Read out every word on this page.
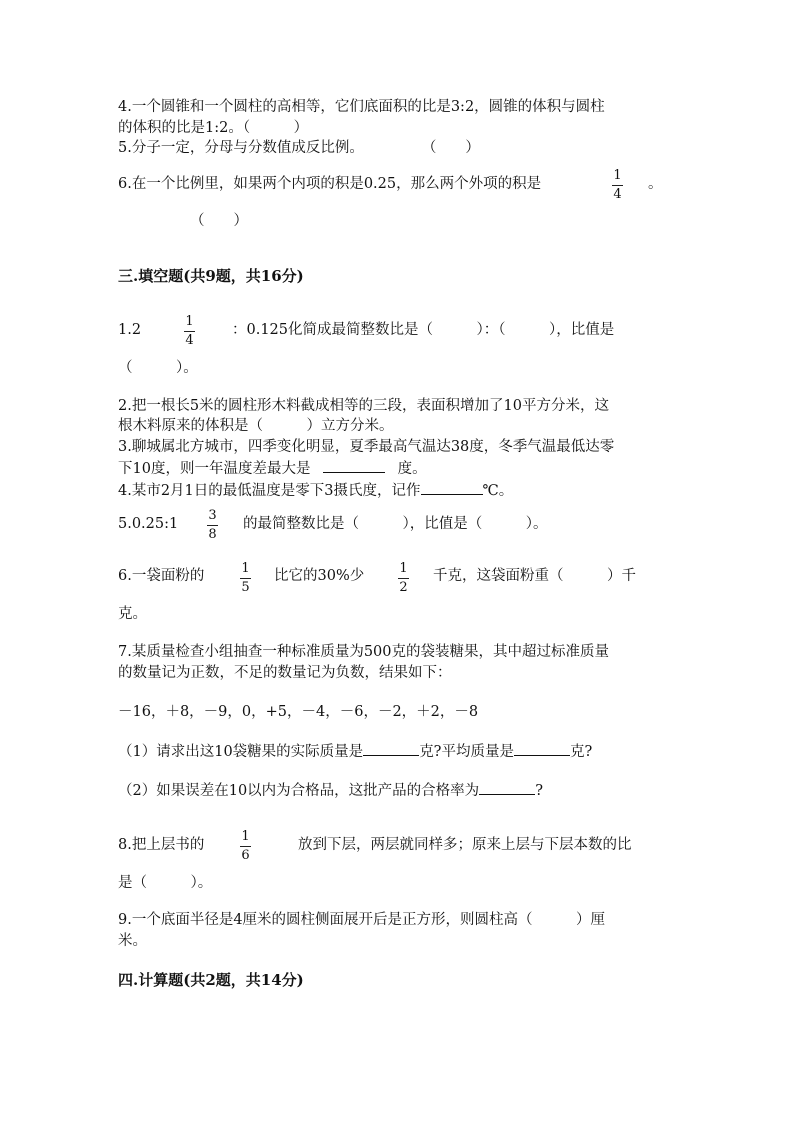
4.一个圆锥和一个圆柱的高相等，它们底面积的比是3:2，圆锥的体积与圆柱
的体积的比是1:2。（　　　）
5.分子一定，分母与分数值成反比例。　　　　　（　　）
6.在一个比例里，如果两个内项的积是0.25，那么两个外项的积是
1
4
。
（　　）
三.填空题(共9题，共16分)
1.2
1
4
：0.125化简成最简整数比是（　　　）：（　　　），比值是
（　　　）。
2.把一根长5米的圆柱形木料截成相等的三段，表面积增加了10平方分米，这
根木料原来的体积是（　　　）立方分米。
3.聊城属北方城市，四季变化明显，夏季最高气温达38度，冬季气温最低达零
下10度，则一年温度差最大是	度。
4.某市2月1日的最低温度是零下3摄氏度，记作	℃。
5.0.25:1
3
8
的最简整数比是（　　　），比值是（　　　）。
6.一袋面粉的	1
5
比它的30%少	1
2
千克，这袋面粉重（　　　）千
克。
7.某质量检查小组抽查一种标准质量为500克的袋装糖果，其中超过标准质量
的数量记为正数，不足的数量记为负数，结果如下：
－16，＋8，－9，0，+5，－4，－6，－2，＋2，－8
（1）请求出这10袋糖果的实际质量是	克?平均质量是	克?
（2）如果误差在10以内为合格品，这批产品的合格率为	?
8.把上层书的
1
6
放到下层，两层就同样多；原来上层与下层本数的比
是（　　　）。
9.一个底面半径是4厘米的圆柱侧面展开后是正方形，则圆柱高（　　　）厘
米。
四.计算题(共2题，共14分)
